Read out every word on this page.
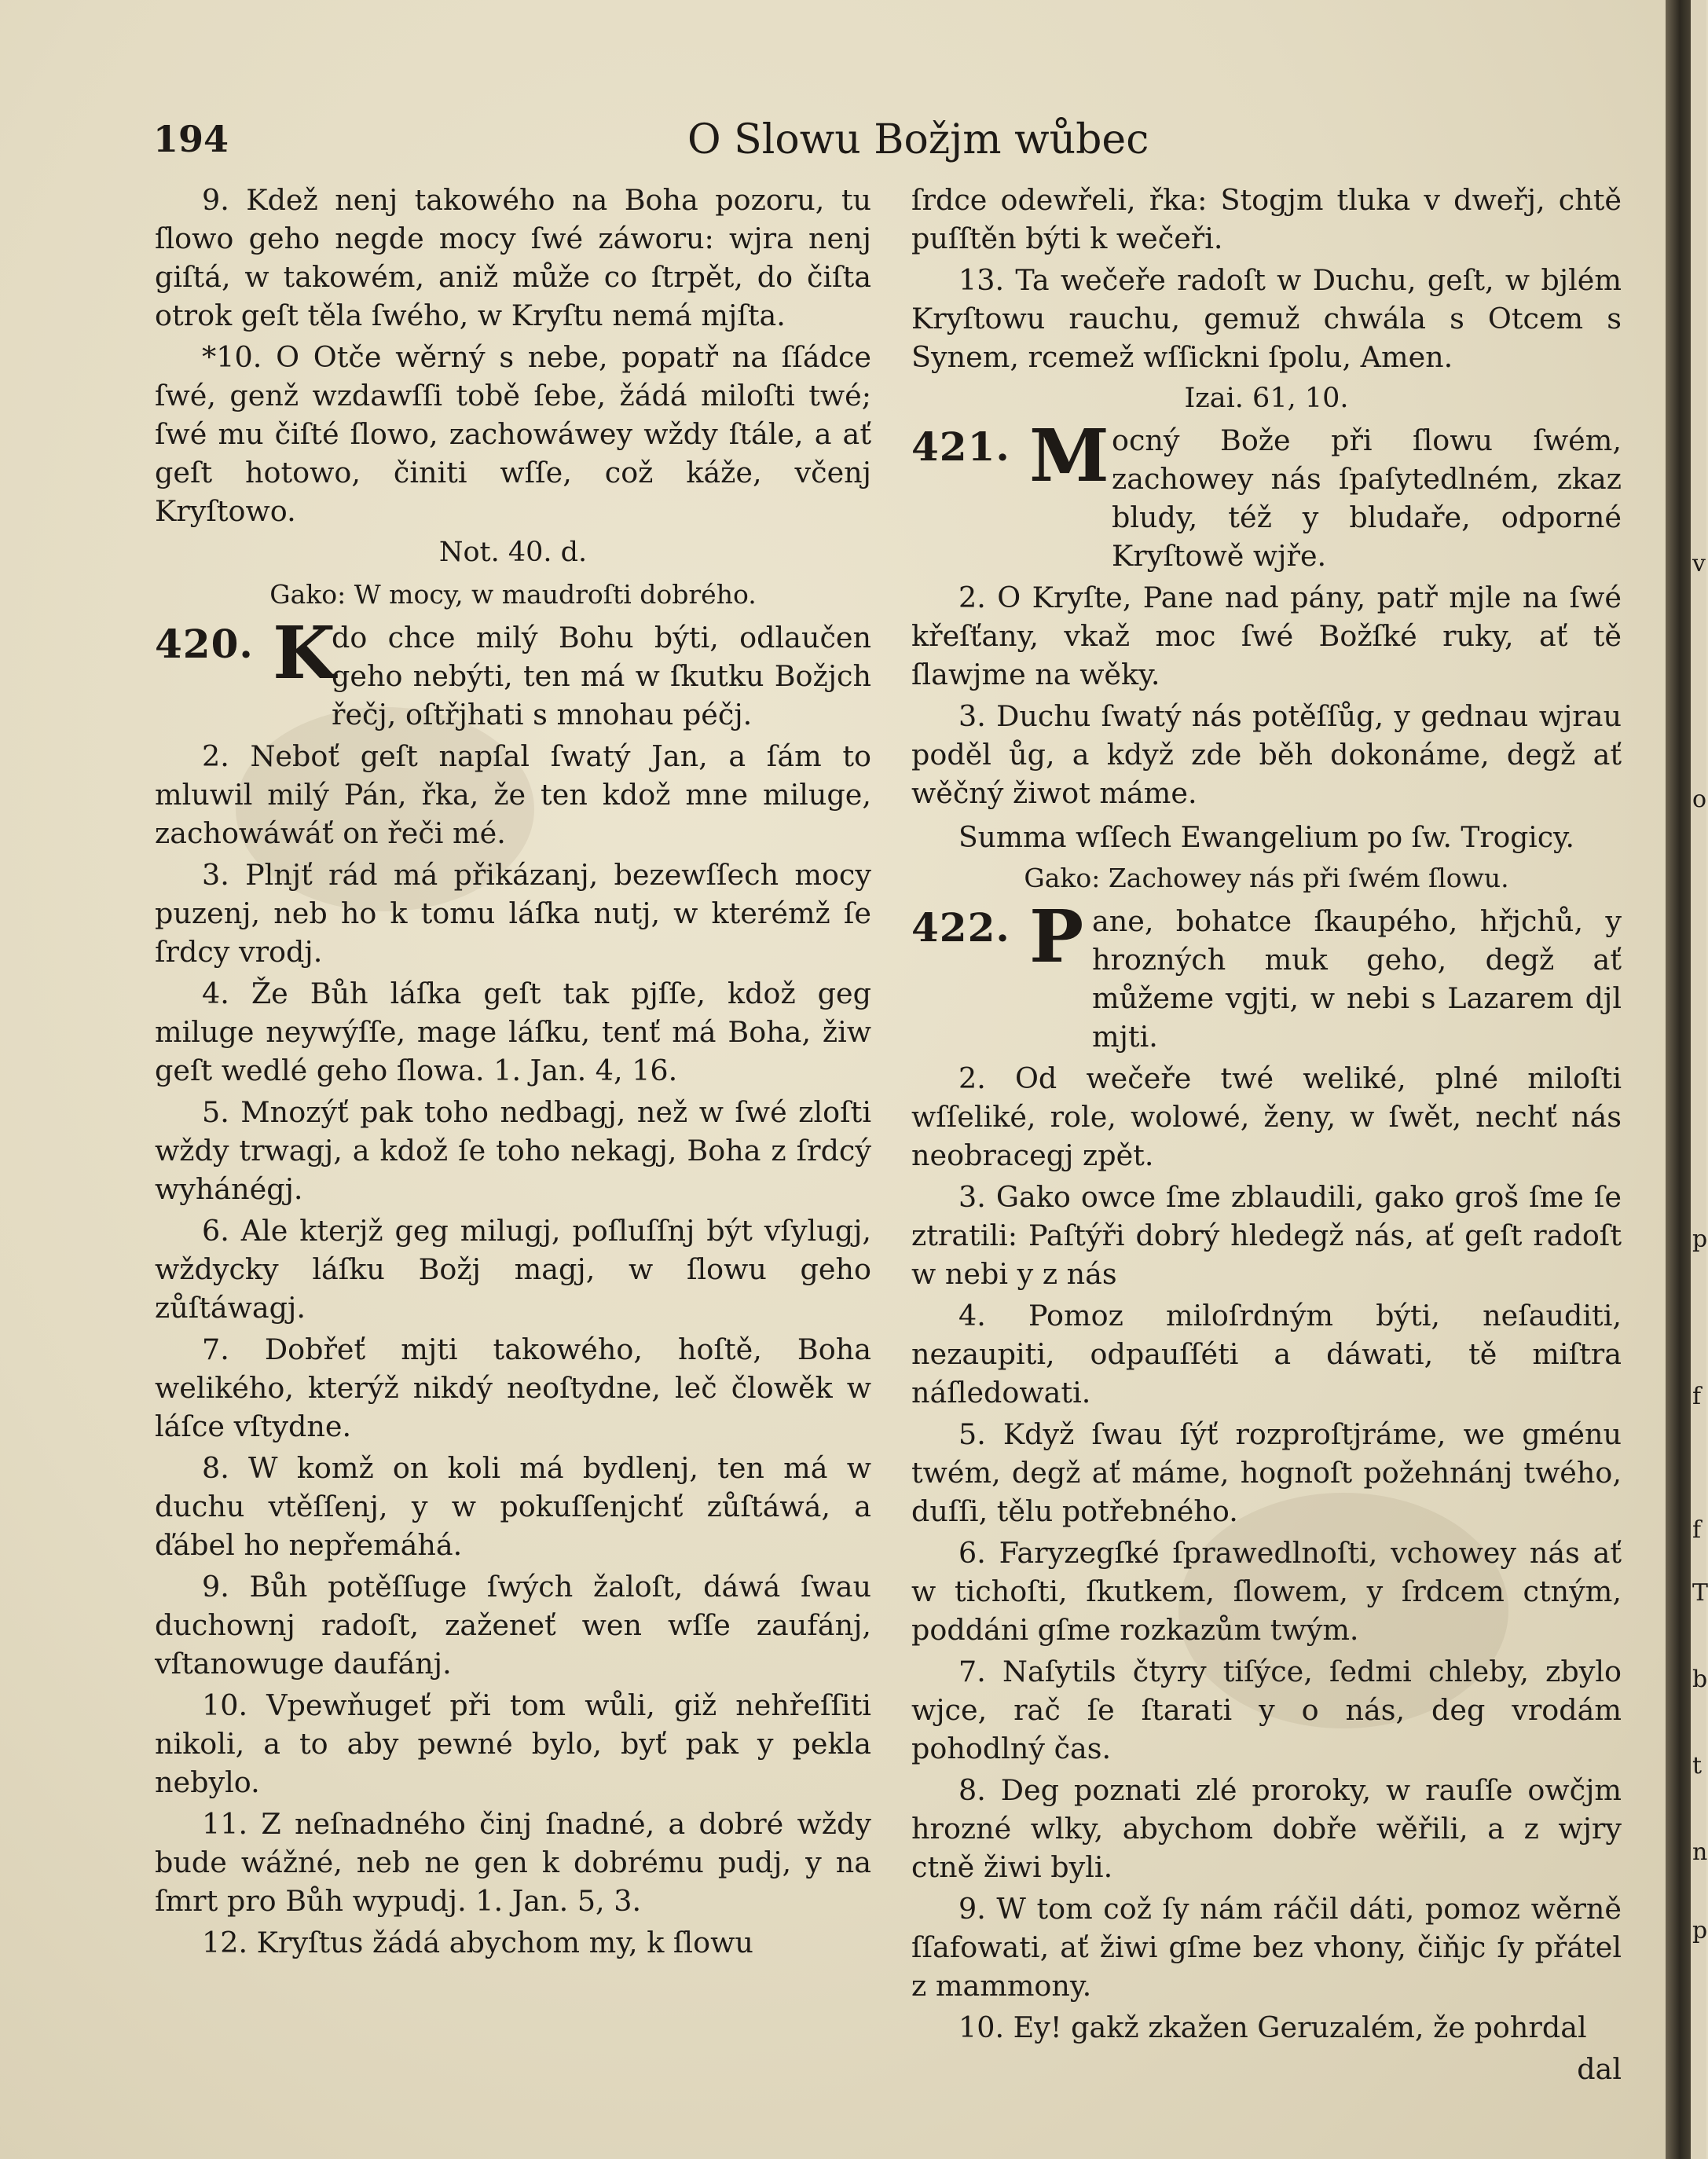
194	O Slowu Božjm wůbec

9. Kdež nenj takowého na Boha pozoru, tu ſlowo geho negde mocy ſwé záworu: wjra nenj giſtá, w takowém, aniž může co ſtrpět, do čiſta otrok geſt těla ſwého, w Kryſtu nemá mjſta.

*10. O Otče wěrný s nebe, popatř na ſſádce ſwé, genž wzdawſſi tobě ſebe, žádá miloſti twé; ſwé mu čiſté ſlowo, zachowáwey wždy ſtále, a ať geſt hotowo, činiti wſſe, což káže, včenj Kryſtowo.

Not. 40. d.

Gako: W mocy, w maudroſti dobrého.

420. K

do chce milý Bohu býti, odlaučen geho nebýti, ten má w ſkutku Božjch řečj, oſtřjhati s mnohau péčj.

2. Neboť geſt napſal ſwatý Jan, a ſám to mluwil milý Pán, řka, že ten kdož mne miluge, zachowáwáť on řeči mé.

3. Plnjť rád má přikázanj, bezewſſech mocy puzenj, neb ho k tomu láſka nutj, w kterémž ſe ſrdcy vrodj.

4. Že Bůh láſka geſt tak pjſſe, kdož geg miluge neywýſſe, mage láſku, tenť má Boha, žiw geſt wedlé geho ſlowa. 1. Jan. 4, 16.

5. Mnozýť pak toho nedbagj, než w ſwé zloſti wždy trwagj, a kdož ſe toho nekagj, Boha z ſrdcý wyhánégj.

6. Ale kterjž geg milugj, poſluſſnj být vſylugj, wždycky láſku Božj magj, w ſlowu geho zůſtáwagj.

7. Dobřeť mjti takowého, hoſtě, Boha welikého, kterýž nikdý neoſtydne, leč člowěk w láſce vſtydne.

8. W komž on koli má bydlenj, ten má w duchu vtěſſenj, y w pokuſſenjchť zůſtáwá, a ďábel ho nepřemáhá.

9. Bůh potěſſuge ſwých žaloſt, dáwá ſwau duchownj radoſt, zaženeť wen wſſe zaufánj, vſtanowuge daufánj.

10. Vpewňugeť při tom wůli, giž nehřeſſiti nikoli, a to aby pewné bylo, byť pak y pekla nebylo.

11. Z neſnadného činj ſnadné, a dobré wždy bude wážné, neb ne gen k dobrému pudj, y na ſmrt pro Bůh wypudj. 1. Jan. 5, 3.

12. Kryſtus žádá abychom my, k ſlowu

ſrdce odewřeli, řka: Stogjm tluka v dweřj, chtě puſſtěn býti k wečeři.

13. Ta wečeře radoſt w Duchu, geſt, w bjlém Kryſtowu rauchu, gemuž chwála s Otcem s Synem, rcemež wſſickni ſpolu, Amen.

Izai. 61, 10.

421. M ocný Bože při ſlowu ſwém, zachowey nás ſpaſytedlném, zkaz bludy, též y bludaře, odporné Kryſtowě wjře.

2. O Kryſte, Pane nad pány, patř mjle na ſwé křeſťany, vkaž moc ſwé Božſké ruky, ať tě ſlawjme na wěky.

3. Duchu ſwatý nás potěſſůg, y gednau wjrau poděl ůg, a když zde běh dokonáme, degž ať wěčný žiwot máme.

Summa wſſech Ewangelium po ſw. Trogicy.

Gako: Zachowey nás při ſwém ſlowu.

422. P ane, bohatce ſkaupého, hřjchů, y hrozných muk geho, degž ať můžeme vgjti, w nebi s Lazarem djl mjti.

2. Od wečeře twé weliké, plné miloſti wſſeliké, role, wolowé, ženy, w ſwět, nechť nás neobracegj zpět.

3. Gako owce ſme zblaudili, gako groš ſme ſe ztratili: Paſtýři dobrý hledegž nás, ať geſt radoſt w nebi y z nás

4. Pomoz miloſrdným býti, neſauditi, nezaupiti, odpauſſéti a dáwati, tě miſtra náſledowati.

5. Když ſwau ſýť rozproſtjráme, we gménu twém, degž ať máme, hognoſt požehnánj twého, duſſi, tělu potřebného.

6. Faryzegſké ſprawedlnoſti, vchowey nás ať w tichoſti, ſkutkem, ſlowem, y ſrdcem ctným, poddáni gſme rozkazům twým.

7. Naſytils čtyry tiſýce, ſedmi chleby, zbylo wjce, rač ſe ſtarati y o nás, deg vrodám pohodlný čas.

8. Deg poznati zlé proroky, w rauſſe owčjm hrozné wlky, abychom dobře wěřili, a z wjry ctně žiwi byli.

9. W tom což ſy nám ráčil dáti, pomoz wěrně ſſafowati, ať žiwi gſme bez vhony, čiňjc ſy přátel z mammony.

10. Ey! gakž zkažen Geruzalém, že pohrdal

dal

v
o
p
f
f
T
b
t
n
p
